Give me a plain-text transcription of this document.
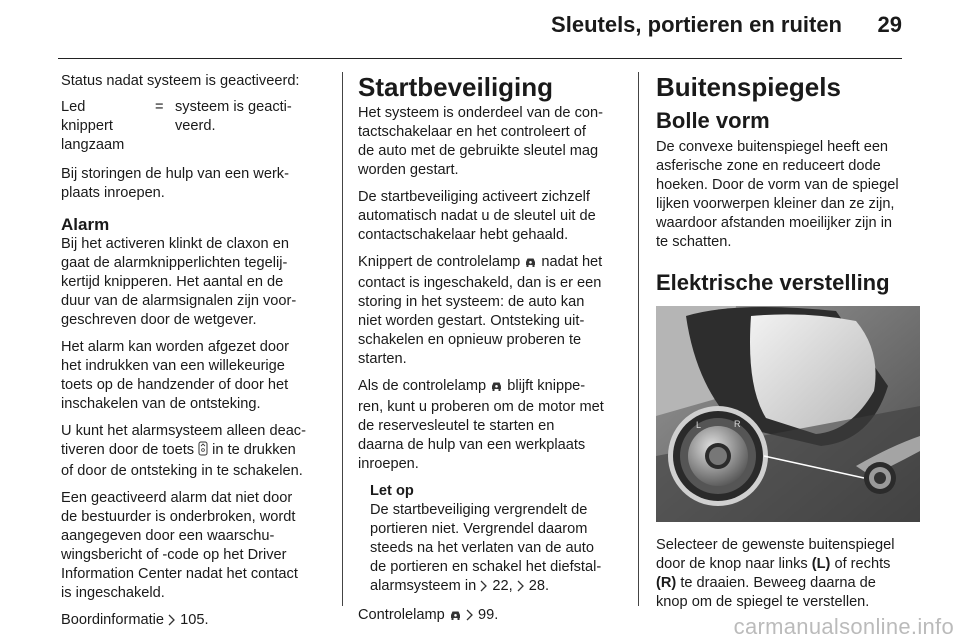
Sleutels, portieren en ruiten 29

Status nadat systeem is geactiveerd:

Led
knippert
langzaam
= systeem is geacti-
veerd.

Bij storingen de hulp van een werk-
plaats inroepen.

Alarm

Bij het activeren klinkt de claxon en
gaat de alarmknipperlichten tegelij-
kertijd knipperen. Het aantal en de
duur van de alarmsignalen zijn voor-
geschreven door de wetgever.

Het alarm kan worden afgezet door
het indrukken van een willekeurige
toets op de handzender of door het
inschakelen van de ontsteking.

U kunt het alarmsysteem alleen deac-
tiveren door de toets  in te drukken
of door de ontsteking in te schakelen.

Een geactiveerd alarm dat niet door
de bestuurder is onderbroken, wordt
aangegeven door een waarschu-
wingsbericht of -code op het Driver
Information Center nadat het contact
is ingeschakeld.

Boordinformatie  105.

Startbeveiliging

Het systeem is onderdeel van de con-
tactschakelaar en het controleert of
de auto met de gebruikte sleutel mag
worden gestart.

De startbeveiliging activeert zichzelf
automatisch nadat u de sleutel uit de
contactschakelaar hebt gehaald.

Knippert de controlelamp  nadat het
contact is ingeschakeld, dan is er een
storing in het systeem: de auto kan
niet worden gestart. Ontsteking uit-
schakelen en opnieuw proberen te
starten.

Als de controlelamp  blijft knippe-
ren, kunt u proberen om de motor met
de reservesleutel te starten en
daarna de hulp van een werkplaats
inroepen.

Let op

De startbeveiliging vergrendelt de
portieren niet. Vergrendel daarom
steeds na het verlaten van de auto
de portieren en schakel het diefstal-
alarmsysteem in  22,  28.

Controlelamp   99.

Buitenspiegels
Bolle vorm

De convexe buitenspiegel heeft een
asferische zone en reduceert dode
hoeken. Door de vorm van de spiegel
lijken voorwerpen kleiner dan ze zijn,
waardoor afstanden moeilijker zijn in
te schatten.

Elektrische verstelling
L	R

Selecteer de gewenste buitenspiegel
door de knop naar links (L) of rechts
(R) te draaien. Beweeg daarna de
knop om de spiegel te verstellen.

carmanualsonline.info
